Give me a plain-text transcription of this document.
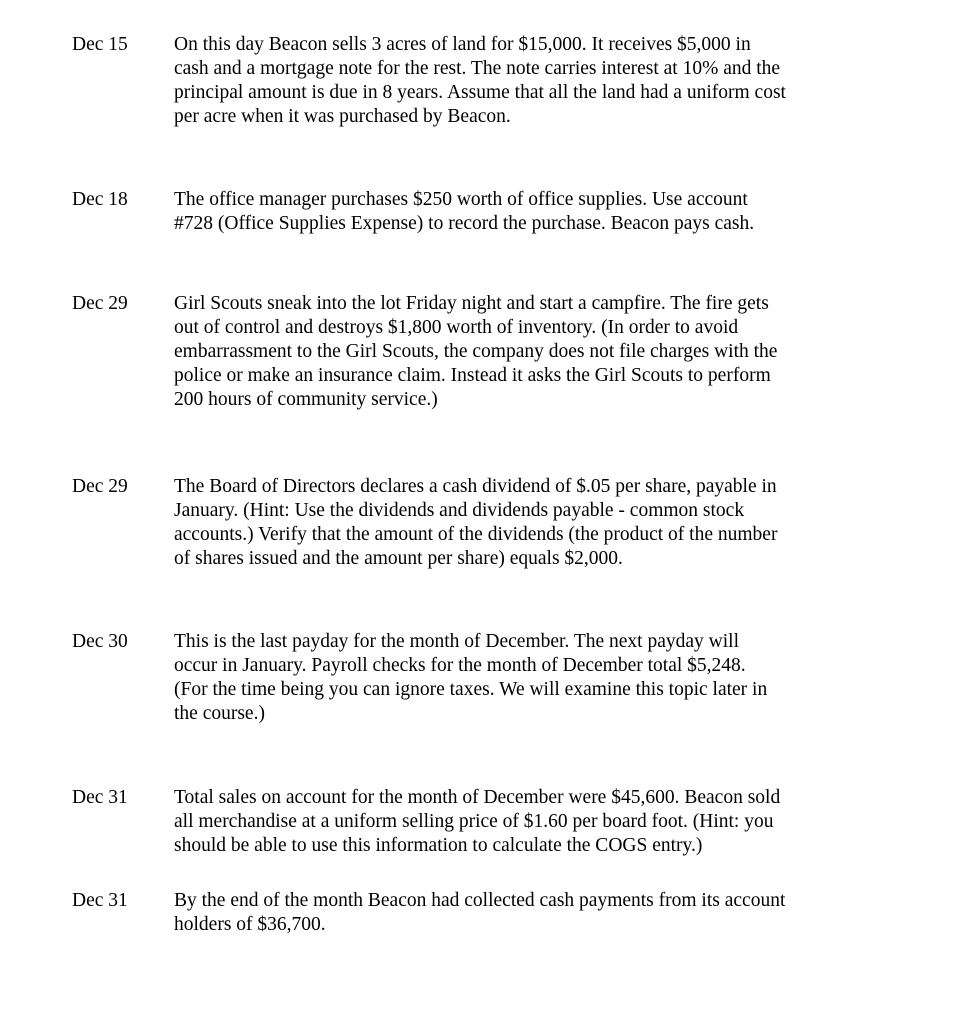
Dec 15 On this day Beacon sells 3 acres of land for $15,000. It receives $5,000 in
cash and a mortgage note for the rest. The note carries interest at 10% and the
principal amount is due in 8 years. Assume that all the land had a uniform cost
per acre when it was purchased by Beacon.

Dec 18 The office manager purchases $250 worth of office supplies. Use account
#728 (Office Supplies Expense) to record the purchase. Beacon pays cash.

Dec 29 Girl Scouts sneak into the lot Friday night and start a campfire. The fire gets
out of control and destroys $1,800 worth of inventory. (In order to avoid
embarrassment to the Girl Scouts, the company does not file charges with the
police or make an insurance claim. Instead it asks the Girl Scouts to perform
200 hours of community service.)

Dec 29 The Board of Directors declares a cash dividend of $.05 per share, payable in
January. (Hint: Use the dividends and dividends payable - common stock
accounts.) Verify that the amount of the dividends (the product of the number
of shares issued and the amount per share) equals $2,000.

Dec 30 This is the last payday for the month of December. The next payday will
occur in January. Payroll checks for the month of December total $5,248.
(For the time being you can ignore taxes. We will examine this topic later in
the course.)

Dec 31 Total sales on account for the month of December were $45,600. Beacon sold
all merchandise at a uniform selling price of $1.60 per board foot. (Hint: you
should be able to use this information to calculate the COGS entry.)

Dec 31 By the end of the month Beacon had collected cash payments from its account
holders of $36,700.
